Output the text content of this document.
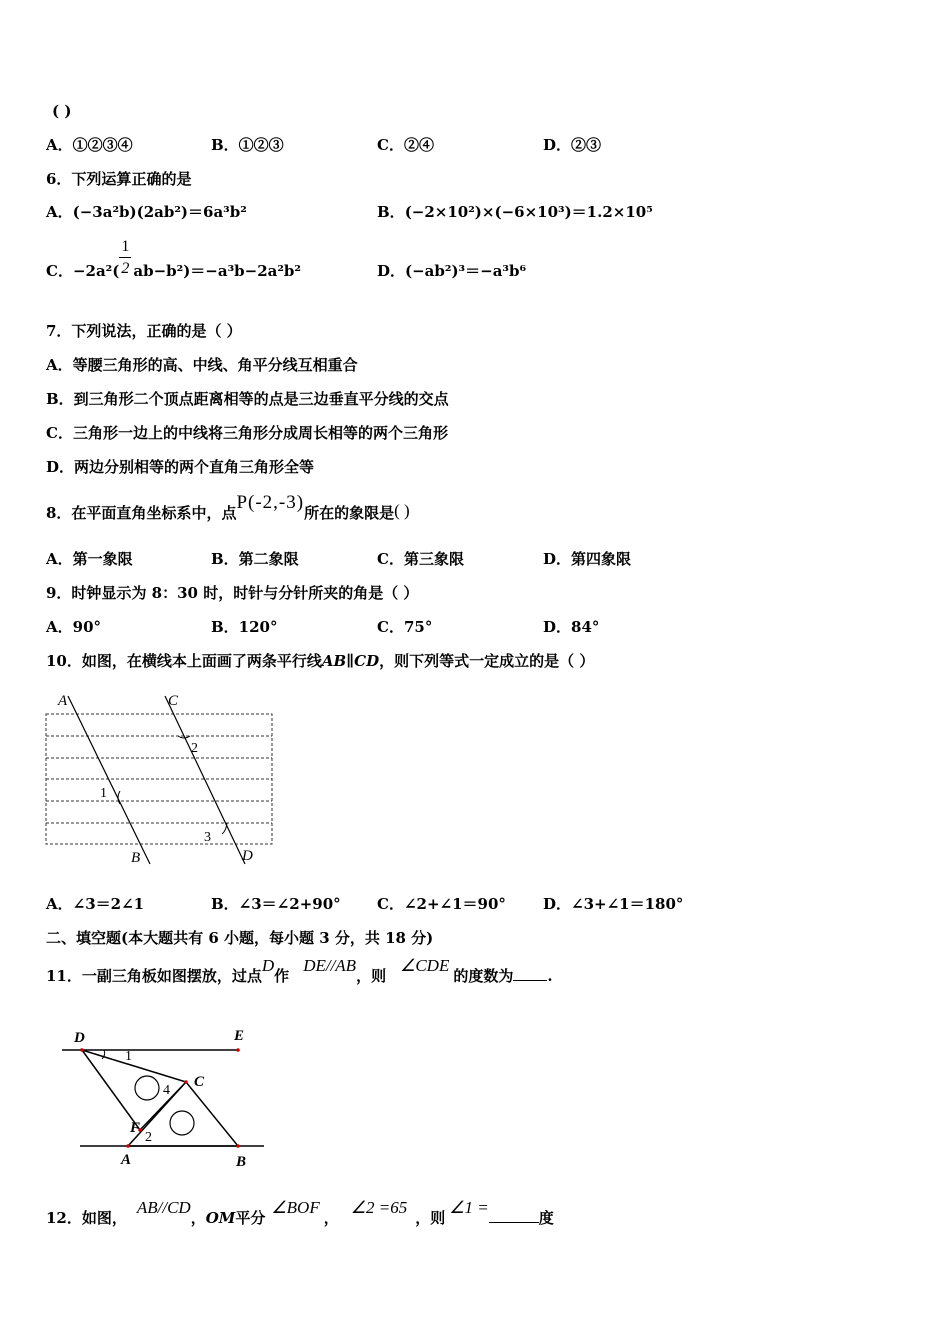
( )
A．①②③④	B．①②③	C．②④	D．②③
6．下列运算正确的是
A．(−3a²b)(2ab²)＝6a³b²	B．(−2×10²)×(−6×10³)＝1.2×10⁵
C．$-2a^2( \frac{1}{2} ab-b^2)=-a^3b-2a^2b^2$	D．(−ab²)³＝−a³b⁶
7．下列说法，正确的是（ ）
A．等腰三角形的高、中线、角平分线互相重合
B．到三角形二个顶点距离相等的点是三边垂直平分线的交点
C．三角形一边上的中线将三角形分成周长相等的两个三角形
D．两边分别相等的两个直角三角形全等
8．在平面直角坐标系中，点P(-2,-3)所在的象限是( )
A．第一象限	B．第二象限	C．第三象限	D．第四象限
9．时钟显示为 8：30 时，时针与分针所夹的角是（ ）
A．90°	B．120°	C．75°	D．84°
10．如图，在横线本上面画了两条平行线AB∥CD，则下列等式一定成立的是（ ）
A
B
C
D
1
2
3
A．∠3＝2∠1	B．∠3＝∠2+90° C．∠2+∠1＝90° D．∠3+∠1＝180°
二、填空题(本大题共有 6 小题，每小题 3 分，共 18 分)
11．一副三角板如图摆放，过点D作DE//AB，则∠CDE的度数为 .
D	E
C
F
A	B
1
2
4
12．如图，AB//CD，OM平分∠BOF，∠2 =65，则∠1 =度
